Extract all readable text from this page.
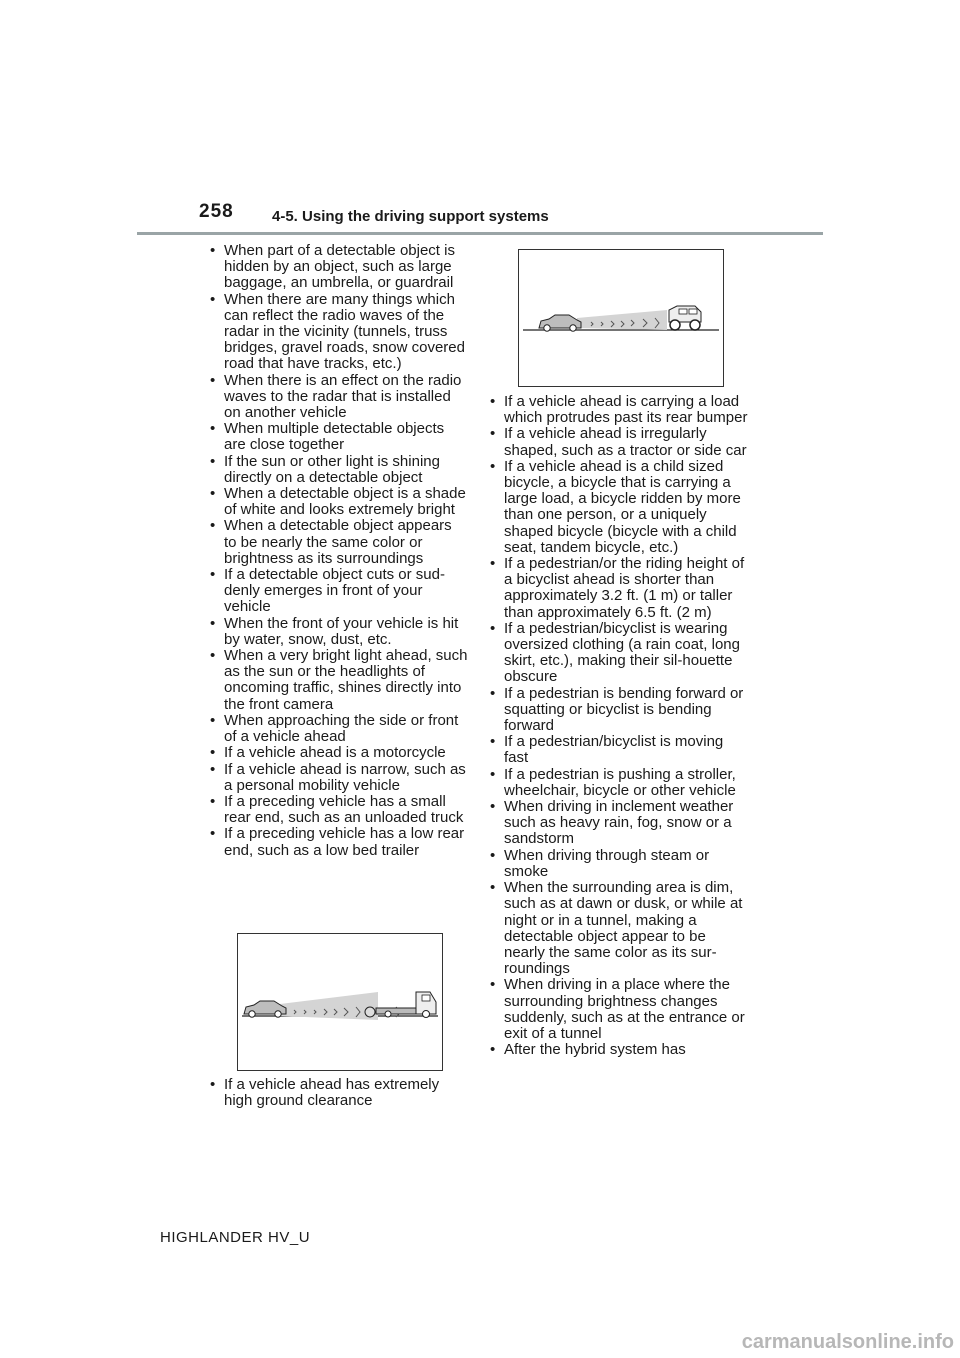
258	4-5. Using the driving support systems
• When part of a detectable object is hidden by an object, such as large baggage, an umbrella, or guardrail
• When there are many things which can reflect the radio waves of the radar in the vicinity (tunnels, truss bridges, gravel roads, snow covered road that have tracks, etc.)
• When there is an effect on the radio waves to the radar that is installed on another vehicle
• When multiple detectable objects are close together
• If the sun or other light is shining directly on a detectable object
• When a detectable object is a shade of white and looks extremely bright
• When a detectable object appears to be nearly the same color or brightness as its surroundings
• If a detectable object cuts or sud-denly emerges in front of your vehicle
• When the front of your vehicle is hit by water, snow, dust, etc.
• When a very bright light ahead, such as the sun or the headlights of oncoming traffic, shines directly into the front camera
• When approaching the side or front of a vehicle ahead
• If a vehicle ahead is a motorcycle
• If a vehicle ahead is narrow, such as a personal mobility vehicle
• If a preceding vehicle has a small rear end, such as an unloaded truck
• If a preceding vehicle has a low rear end, such as a low bed trailer
• If a vehicle ahead has extremely high ground clearance
• If a vehicle ahead is carrying a load which protrudes past its rear bumper
• If a vehicle ahead is irregularly shaped, such as a tractor or side car
• If a vehicle ahead is a child sized bicycle, a bicycle that is carrying a large load, a bicycle ridden by more than one person, or a uniquely shaped bicycle (bicycle with a child seat, tandem bicycle, etc.)
• If a pedestrian/or the riding height of a bicyclist ahead is shorter than approximately 3.2 ft. (1 m) or taller than approximately 6.5 ft. (2 m)
• If a pedestrian/bicyclist is wearing oversized clothing (a rain coat, long skirt, etc.), making their sil-houette obscure
• If a pedestrian is bending forward or squatting or bicyclist is bending forward
• If a pedestrian/bicyclist is moving fast
• If a pedestrian is pushing a stroller, wheelchair, bicycle or other vehicle
• When driving in inclement weather such as heavy rain, fog, snow or a sandstorm
• When driving through steam or smoke
• When the surrounding area is dim, such as at dawn or dusk, or while at night or in a tunnel, making a detectable object appear to be nearly the same color as its sur-roundings
• When driving in a place where the surrounding brightness changes suddenly, such as at the entrance or exit of a tunnel
• After the hybrid system has
HIGHLANDER HV_U
carmanualsonline.info
